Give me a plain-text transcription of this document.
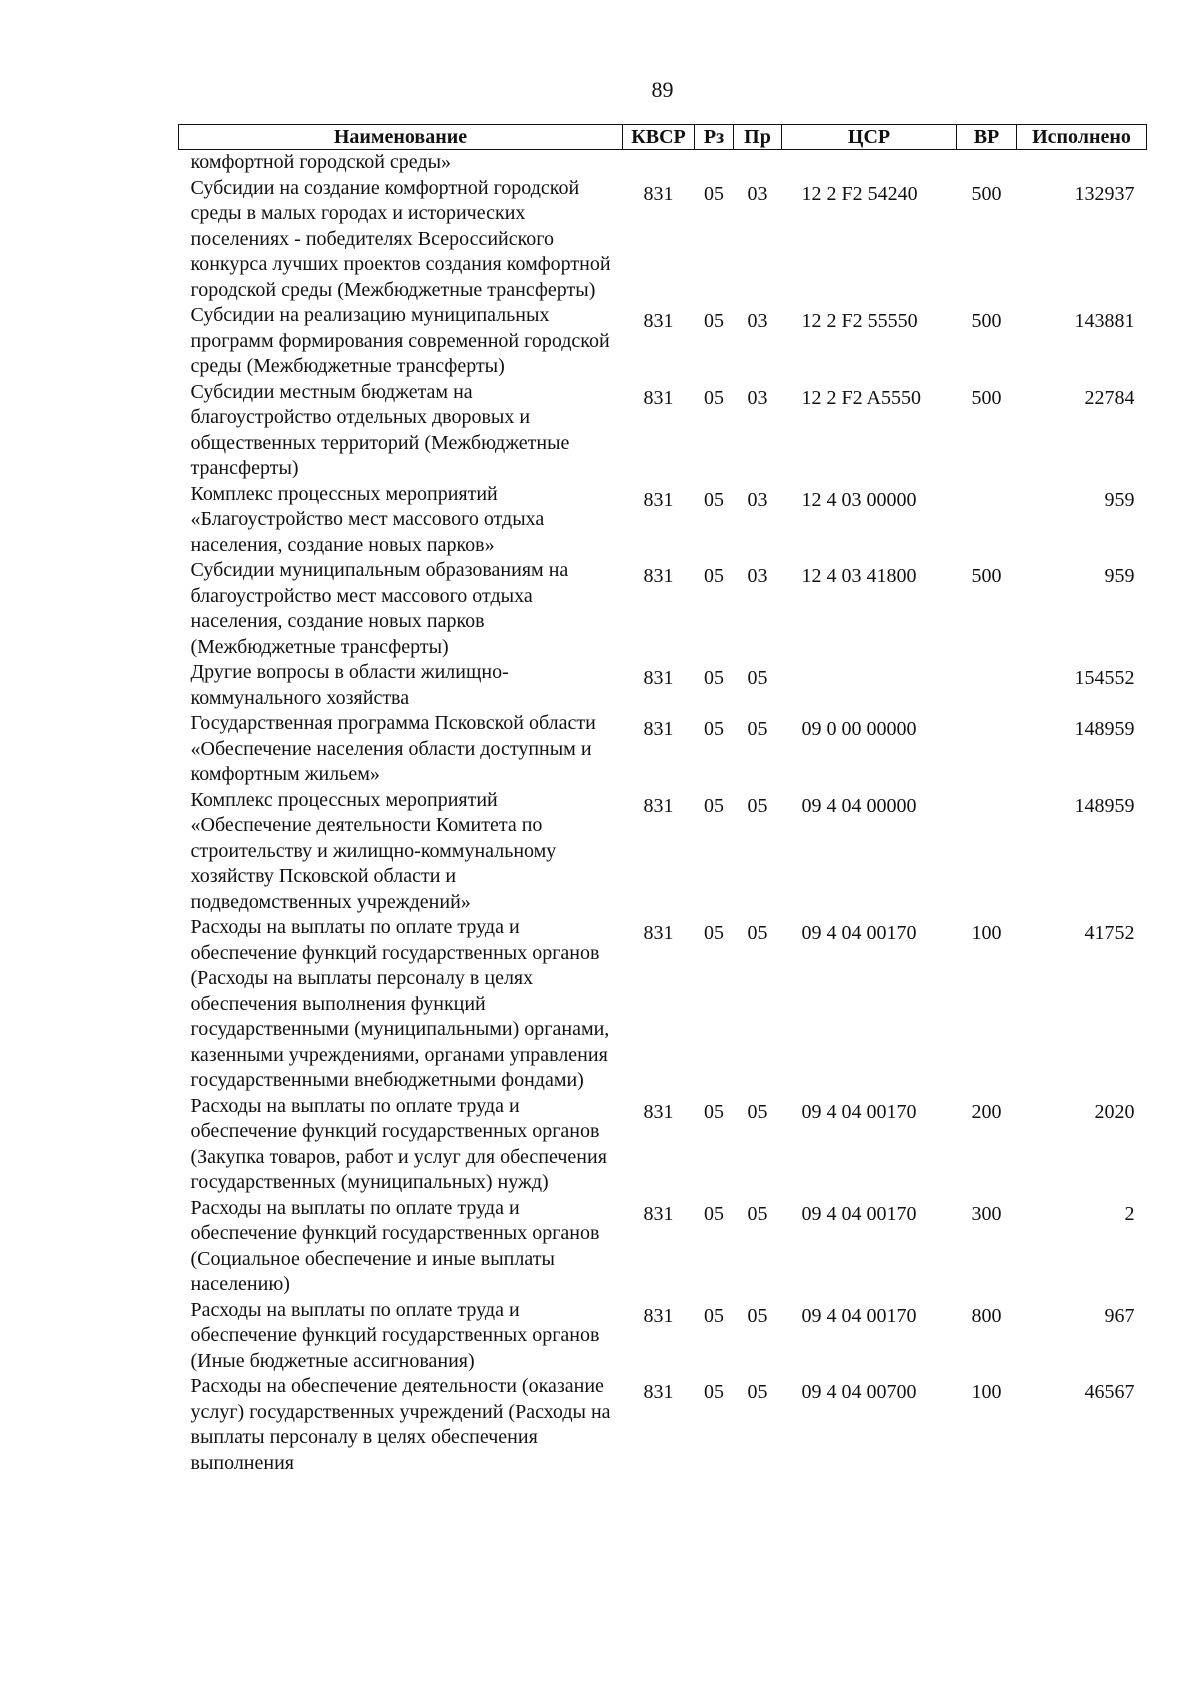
89
Наименование	КВСР	Рз	Пр	ЦСР	ВР	Исполнено
комфортной городской среды»						
Субсидии на создание комфортной городской среды в малых городах и исторических поселениях - победителях Всероссийского конкурса лучших проектов создания комфортной городской среды (Межбюджетные трансферты)	831	05	03	12 2 F2 54240	500	132937
Субсидии на реализацию муниципальных программ формирования современной городской среды (Межбюджетные трансферты)	831	05	03	12 2 F2 55550	500	143881
Субсидии местным бюджетам на благоустройство отдельных дворовых и общественных территорий (Межбюджетные трансферты)	831	05	03	12 2 F2 A5550	500	22784
Комплекс процессных мероприятий «Благоустройство мест массового отдыха населения, создание новых парков»	831	05	03	12 4 03 00000		959
Субсидии муниципальным образованиям на благоустройство мест массового отдыха населения, создание новых парков (Межбюджетные трансферты)	831	05	03	12 4 03 41800	500	959
Другие вопросы в области жилищно-коммунального хозяйства	831	05	05			154552
Государственная программа Псковской области «Обеспечение населения области доступным и комфортным жильем»	831	05	05	09 0 00 00000		148959
Комплекс процессных мероприятий «Обеспечение деятельности Комитета по строительству и жилищно-коммунальному хозяйству Псковской области и подведомственных учреждений»	831	05	05	09 4 04 00000		148959
Расходы на выплаты по оплате труда и обеспечение функций государственных органов (Расходы на выплаты персоналу в целях обеспечения выполнения функций государственными (муниципальными) органами, казенными учреждениями, органами управления государственными внебюджетными фондами)	831	05	05	09 4 04 00170	100	41752
Расходы на выплаты по оплате труда и обеспечение функций государственных органов (Закупка товаров, работ и услуг для обеспечения государственных (муниципальных) нужд)	831	05	05	09 4 04 00170	200	2020
Расходы на выплаты по оплате труда и обеспечение функций государственных органов (Социальное обеспечение и иные выплаты населению)	831	05	05	09 4 04 00170	300	2
Расходы на выплаты по оплате труда и обеспечение функций государственных органов (Иные бюджетные ассигнования)	831	05	05	09 4 04 00170	800	967
Расходы на обеспечение деятельности (оказание услуг) государственных учреждений (Расходы на выплаты персоналу в целях обеспечения выполнения	831	05	05	09 4 04 00700	100	46567
